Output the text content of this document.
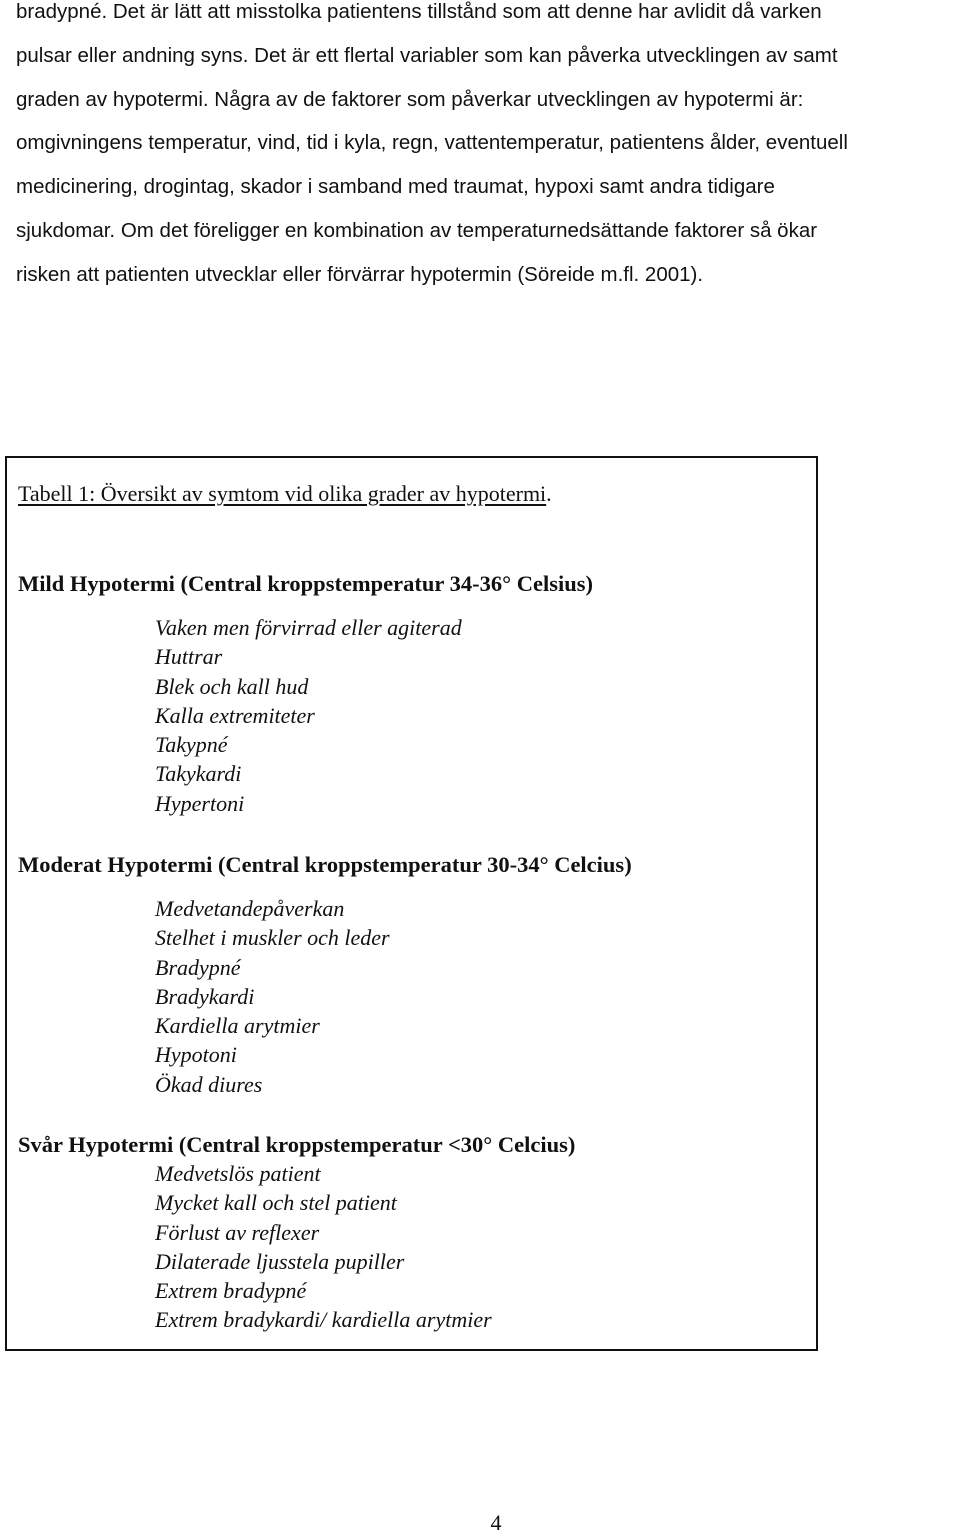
bradypné. Det är lätt att misstolka patientens tillstånd som att denne har avlidit då varken
pulsar eller andning syns. Det är ett flertal variabler som kan påverka utvecklingen av samt
graden av hypotermi. Några av de faktorer som påverkar utvecklingen av hypotermi är:
omgivningens temperatur, vind, tid i kyla, regn, vattentemperatur, patientens ålder, eventuell
medicinering, drogintag, skador i samband med traumat, hypoxi samt andra tidigare
sjukdomar. Om det föreligger en kombination av temperaturnedsättande faktorer så ökar
risken att patienten utvecklar eller förvärrar hypotermin (Söreide m.fl. 2001).
Tabell 1: Översikt av symtom vid olika grader av hypotermi.
Mild Hypotermi (Central kroppstemperatur 34-36° Celsius)
Vaken men förvirrad eller agiterad
Huttrar
Blek och kall hud
Kalla extremiteter
Takypné
Takykardi
Hypertoni
Moderat Hypotermi (Central kroppstemperatur 30-34° Celcius)
Medvetandepåverkan
Stelhet i muskler och leder
Bradypné
Bradykardi
Kardiella arytmier
Hypotoni
Ökad diures
Svår Hypotermi (Central kroppstemperatur <30° Celcius)
Medvetslös patient
Mycket kall och stel patient
Förlust av reflexer
Dilaterade ljusstela pupiller
Extrem bradypné
Extrem bradykardi/ kardiella arytmier
4
